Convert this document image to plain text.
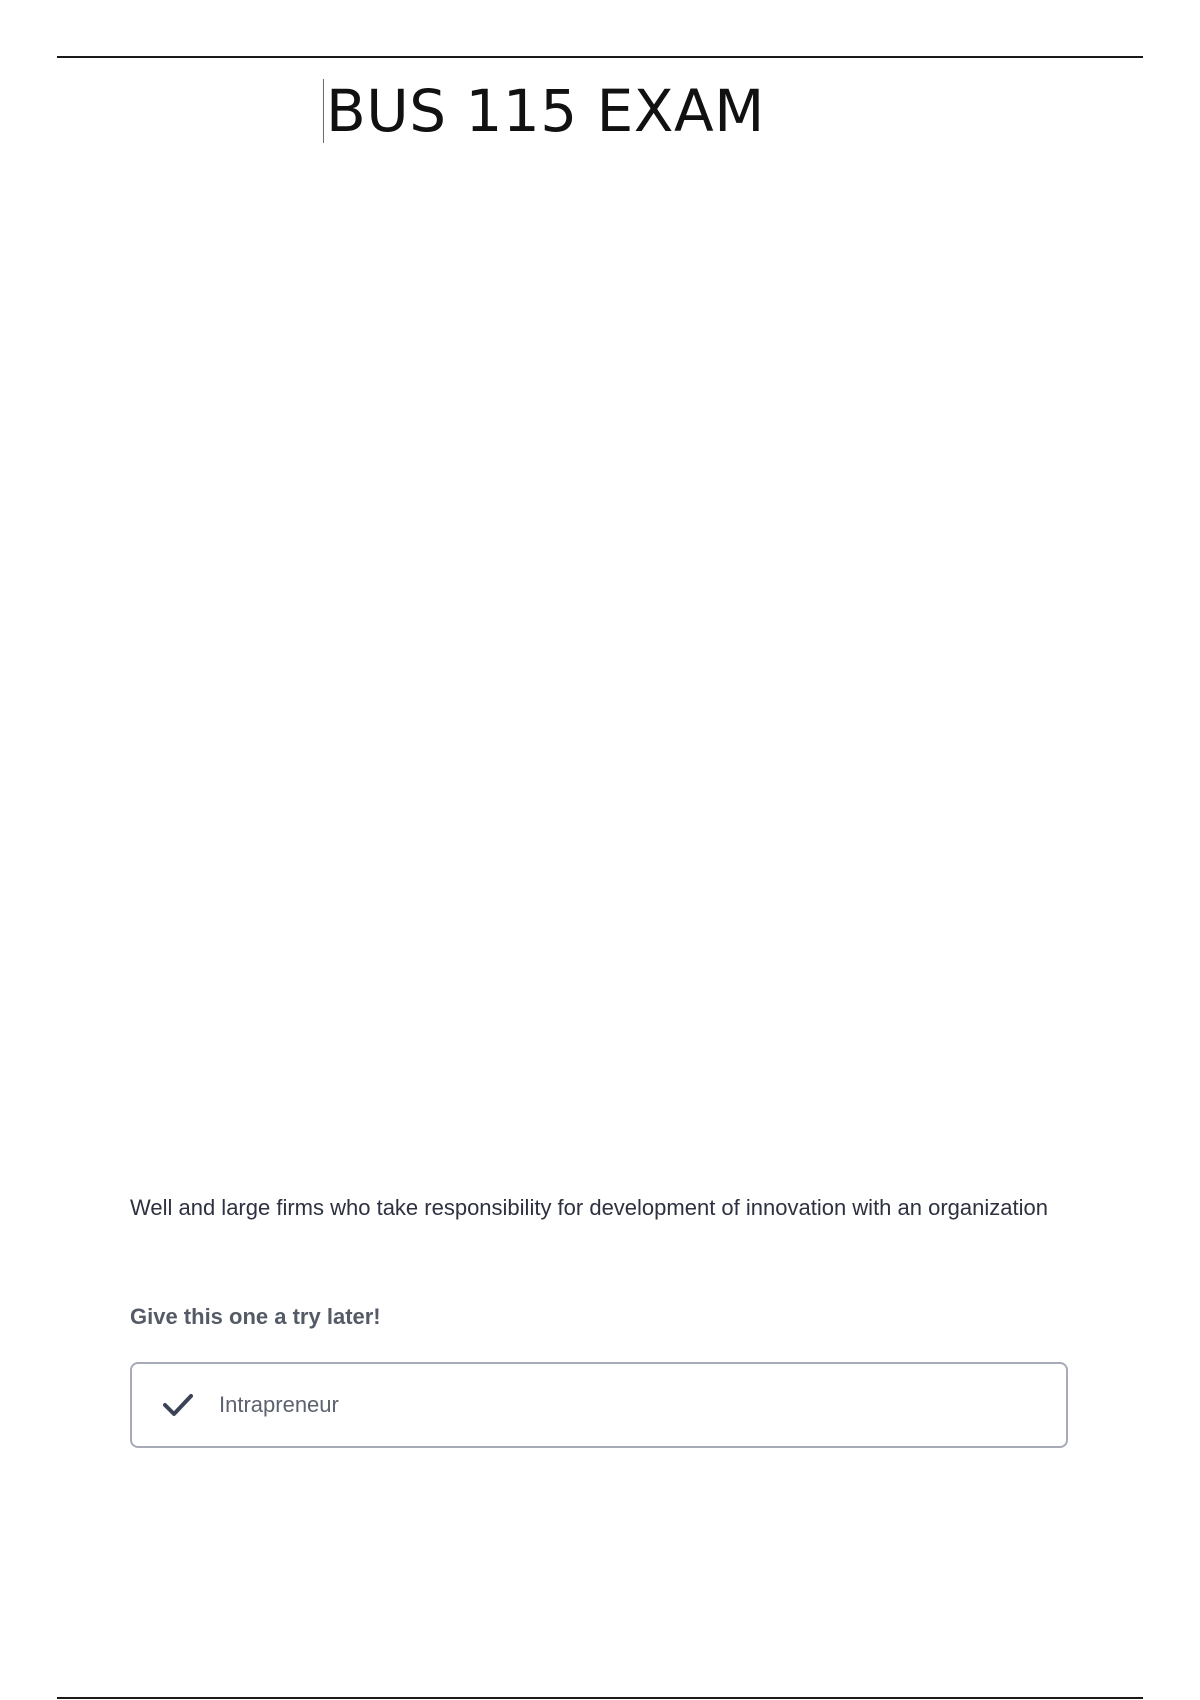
BUS 115 EXAM
Well and large firms who take responsibility for development of innovation with an organization
Give this one a try later!
Intrapreneur
